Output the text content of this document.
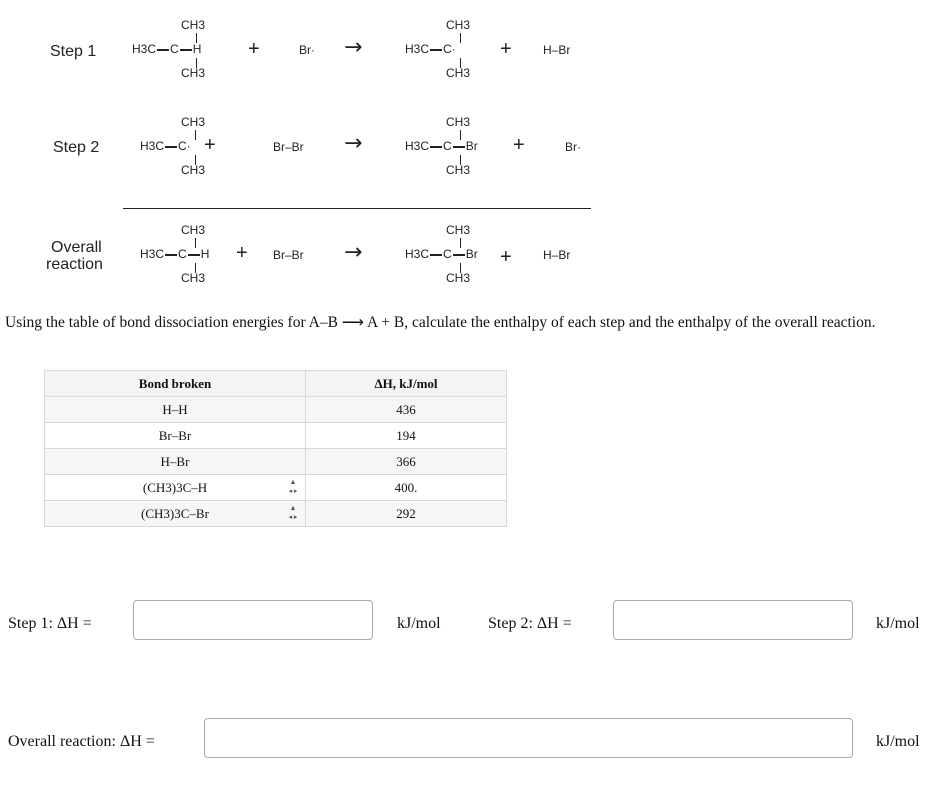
Step 1
Step 2
Overall
reaction
CH3
H3C C H
CH3
+	Br· →
CH3
H3C C·
CH3
+	H–Br
CH3
H3C C·
CH3
+	Br–Br →
CH3
H3C C Br
CH3
+	Br·
CH3
H3C C H
CH3
+ Br–Br →
CH3
H3C C Br
CH3
+	H–Br
Using the table of bond dissociation energies for A–B ⟶ A + B, calculate the enthalpy of each step and the enthalpy of the overall reaction.
Bond broken	ΔH, kJ/mol
H–H	436
Br–Br	194
H–Br	366
(CH3)3C–H	400.
(CH3)3C–Br	292
▲
◂ ▸
▲
◂ ▸
Step 1: ΔH =	kJ/mol	Step 2: ΔH =	kJ/mol
Overall reaction: ΔH =	kJ/mol
